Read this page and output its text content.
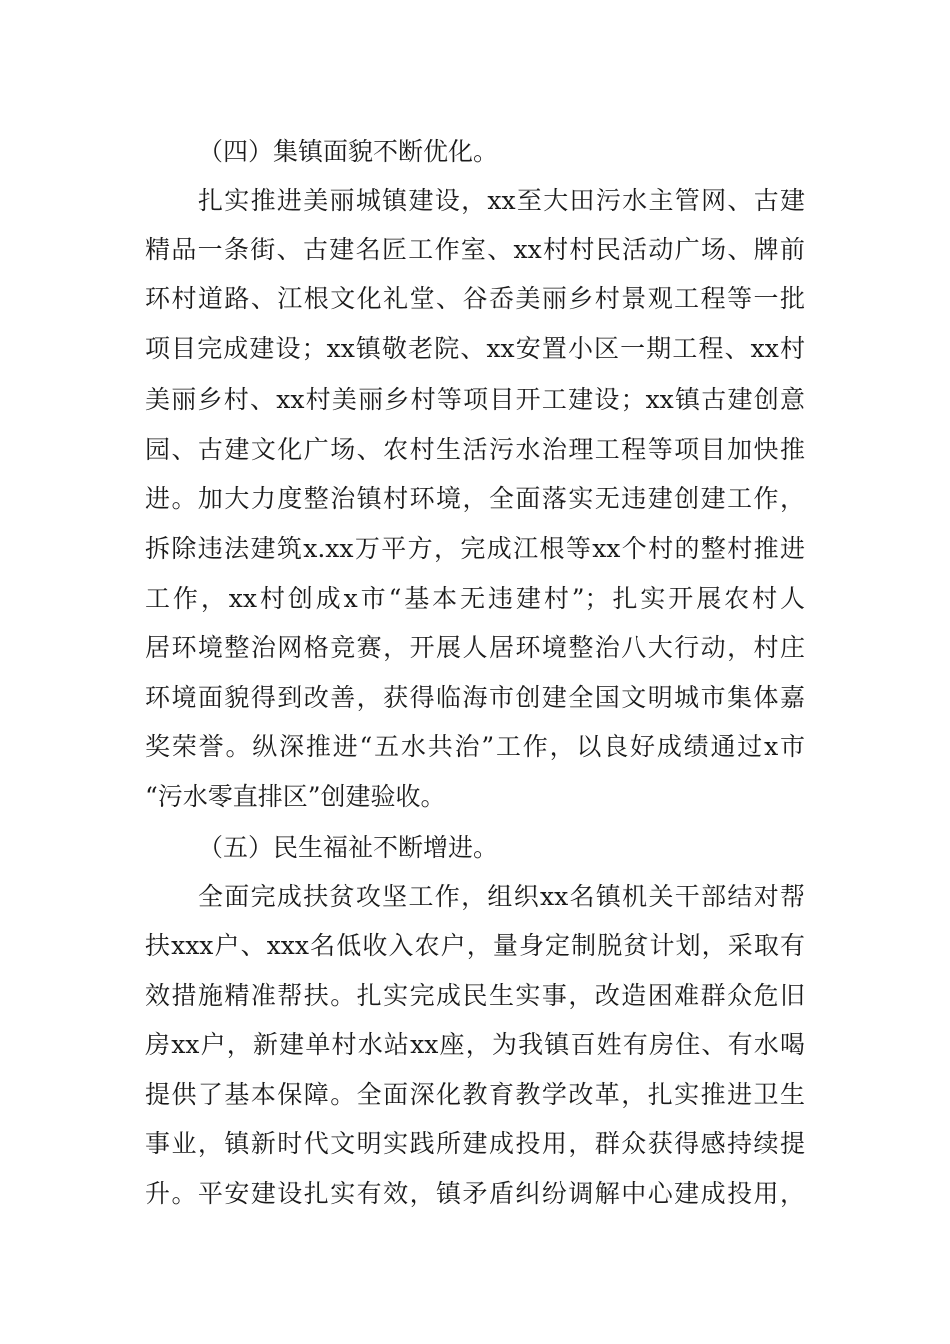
（四）集镇面貌不断优化。
扎实推进美丽城镇建设，xx至大田污水主管网、古建
精品一条街、古建名匠工作室、xx村村民活动广场、牌前
环村道路、江根文化礼堂、谷岙美丽乡村景观工程等一批
项目完成建设；xx镇敬老院、xx安置小区一期工程、xx村
美丽乡村、xx村美丽乡村等项目开工建设；xx镇古建创意
园、古建文化广场、农村生活污水治理工程等项目加快推
进。加大力度整治镇村环境，全面落实无违建创建工作，
拆除违法建筑x.xx万平方，完成江根等xx个村的整村推进
工作，xx村创成x市“基本无违建村”；扎实开展农村人
居环境整治网格竞赛，开展人居环境整治八大行动，村庄
环境面貌得到改善，获得临海市创建全国文明城市集体嘉
奖荣誉。纵深推进“五水共治”工作，以良好成绩通过x市
“污水零直排区”创建验收。
（五）民生福祉不断增进。
全面完成扶贫攻坚工作，组织xx名镇机关干部结对帮
扶xxx户、xxx名低收入农户，量身定制脱贫计划，采取有
效措施精准帮扶。扎实完成民生实事，改造困难群众危旧
房xx户，新建单村水站xx座，为我镇百姓有房住、有水喝
提供了基本保障。全面深化教育教学改革，扎实推进卫生
事业，镇新时代文明实践所建成投用，群众获得感持续提
升。平安建设扎实有效，镇矛盾纠纷调解中心建成投用，
